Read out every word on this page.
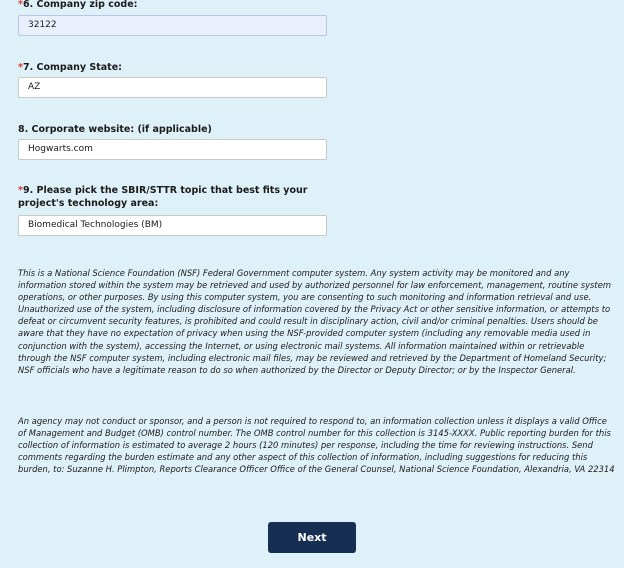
*6. Company zip code:
32122
*7. Company State:
AZ
8. Corporate website: (if applicable)
Hogwarts.com
*9. Please pick the SBIR/STTR topic that best fits your project's technology area:
Biomedical Technologies (BM)

This is a National Science Foundation (NSF) Federal Government computer system. Any system activity may be monitored and any information stored within the system may be retrieved and used by authorized personnel for law enforcement, management, routine system operations, or other purposes. By using this computer system, you are consenting to such monitoring and information retrieval and use. Unauthorized use of the system, including disclosure of information covered by the Privacy Act or other sensitive information, or attempts to defeat or circumvent security features, is prohibited and could result in disciplinary action, civil and/or criminal penalties. Users should be aware that they have no expectation of privacy when using the NSF-provided computer system (including any removable media used in conjunction with the system), accessing the Internet, or using electronic mail systems. All information maintained within or retrievable through the NSF computer system, including electronic mail files, may be reviewed and retrieved by the Department of Homeland Security; NSF officials who have a legitimate reason to do so when authorized by the Director or Deputy Director; or by the Inspector General.

An agency may not conduct or sponsor, and a person is not required to respond to, an information collection unless it displays a valid Office of Management and Budget (OMB) control number. The OMB control number for this collection is 3145-XXXX. Public reporting burden for this collection of information is estimated to average 2 hours (120 minutes) per response, including the time for reviewing instructions. Send comments regarding the burden estimate and any other aspect of this collection of information, including suggestions for reducing this burden, to: Suzanne H. Plimpton, Reports Clearance Officer Office of the General Counsel, National Science Foundation, Alexandria, VA 22314

Next
